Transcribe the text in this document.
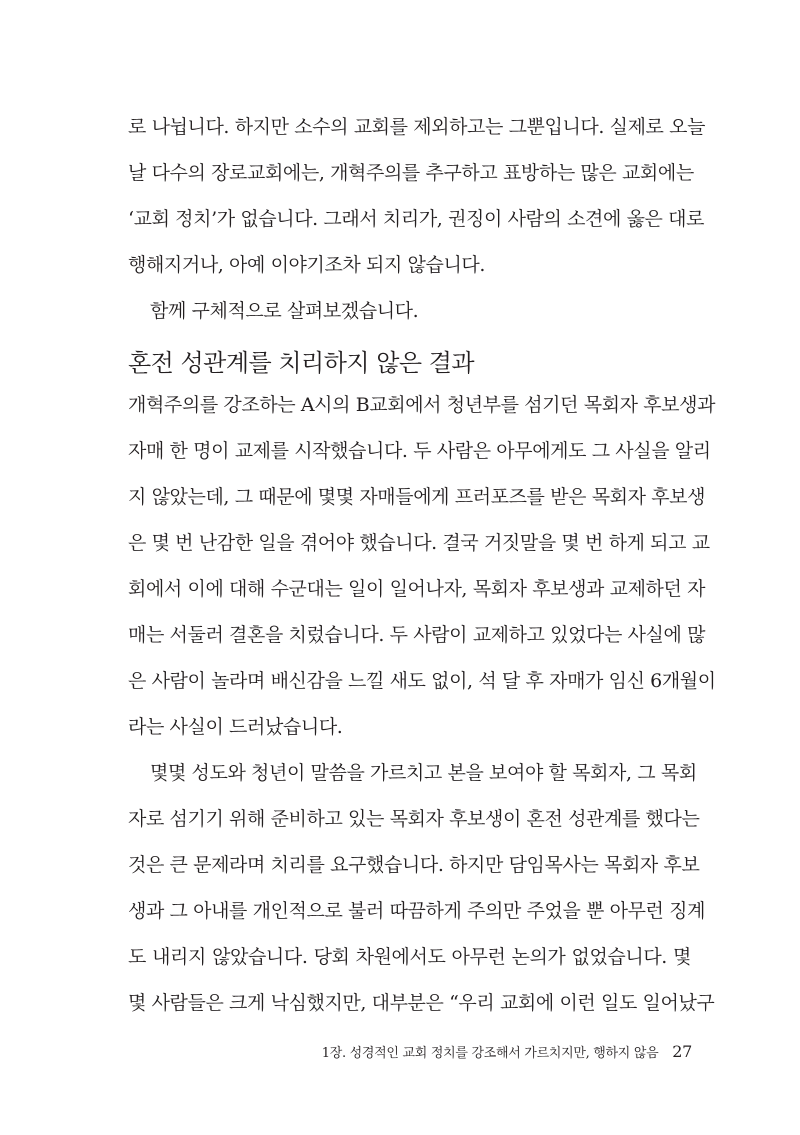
로 나뉩니다. 하지만 소수의 교회를 제외하고는 그뿐입니다. 실제로 오늘
날 다수의 장로교회에는, 개혁주의를 추구하고 표방하는 많은 교회에는
‘교회 정치’가 없습니다. 그래서 치리가, 권징이 사람의 소견에 옳은 대로
행해지거나, 아예 이야기조차 되지 않습니다.
함께 구체적으로 살펴보겠습니다.
혼전 성관계를 치리하지 않은 결과
개혁주의를 강조하는 A시의 B교회에서 청년부를 섬기던 목회자 후보생과
자매 한 명이 교제를 시작했습니다. 두 사람은 아무에게도 그 사실을 알리
지 않았는데, 그 때문에 몇몇 자매들에게 프러포즈를 받은 목회자 후보생
은 몇 번 난감한 일을 겪어야 했습니다. 결국 거짓말을 몇 번 하게 되고 교
회에서 이에 대해 수군대는 일이 일어나자, 목회자 후보생과 교제하던 자
매는 서둘러 결혼을 치렀습니다. 두 사람이 교제하고 있었다는 사실에 많
은 사람이 놀라며 배신감을 느낄 새도 없이, 석 달 후 자매가 임신 6개월이
라는 사실이 드러났습니다.
몇몇 성도와 청년이 말씀을 가르치고 본을 보여야 할 목회자, 그 목회
자로 섬기기 위해 준비하고 있는 목회자 후보생이 혼전 성관계를 했다는
것은 큰 문제라며 치리를 요구했습니다. 하지만 담임목사는 목회자 후보
생과 그 아내를 개인적으로 불러 따끔하게 주의만 주었을 뿐 아무런 징계
도 내리지 않았습니다. 당회 차원에서도 아무런 논의가 없었습니다. 몇
몇 사람들은 크게 낙심했지만, 대부분은 “우리 교회에 이런 일도 일어났구
1장. 성경적인 교회 정치를 강조해서 가르치지만, 행하지 않음 27
